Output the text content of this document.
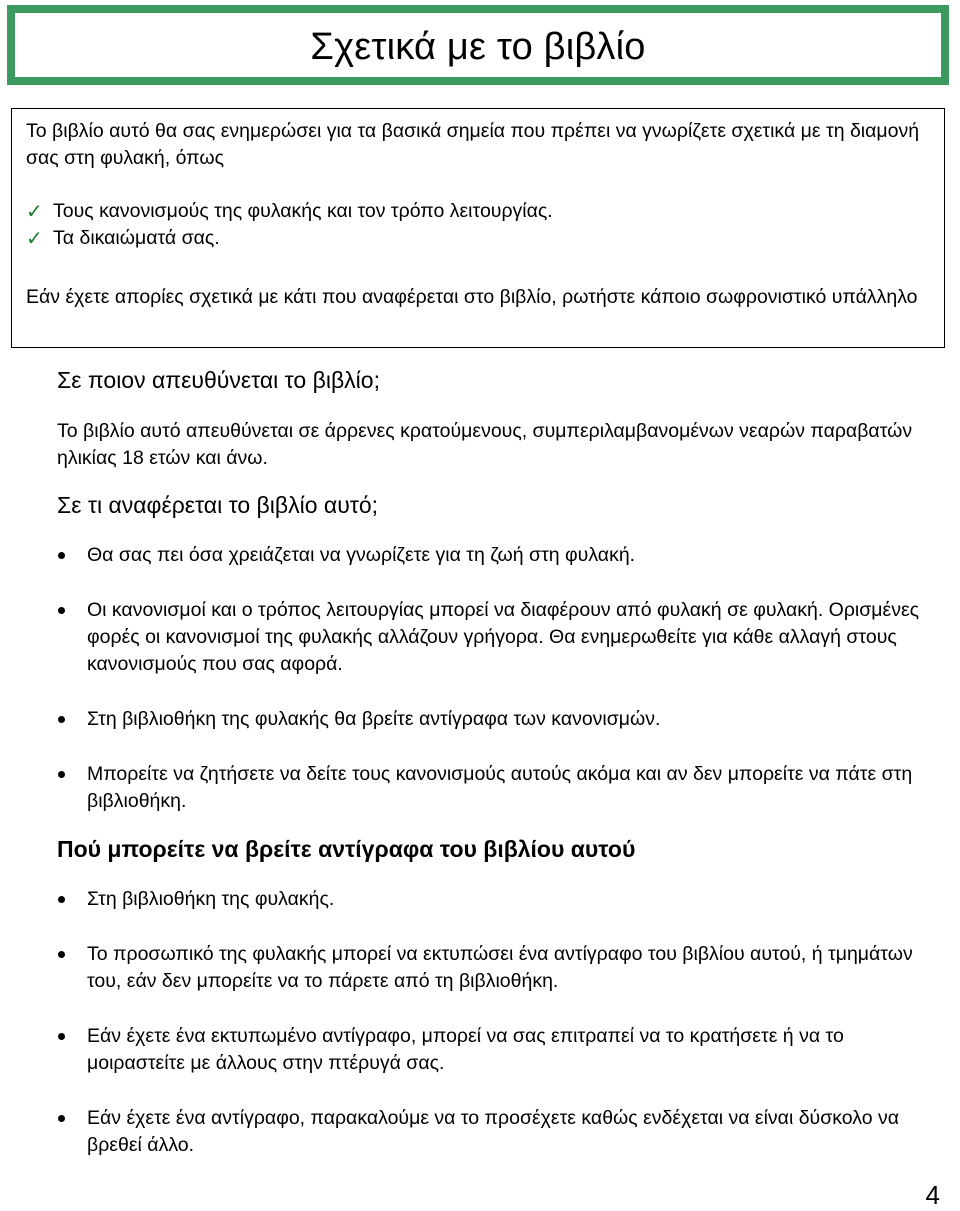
Σχετικά με το βιβλίο
Το βιβλίο αυτό θα σας ενημερώσει για τα βασικά σημεία που πρέπει να γνωρίζετε σχετικά με τη διαμονή σας στη φυλακή, όπως
✓ Τους κανονισμούς της φυλακής και τον τρόπο λειτουργίας.
✓ Τα δικαιώματά σας.
Εάν έχετε απορίες σχετικά με κάτι που αναφέρεται στο βιβλίο, ρωτήστε κάποιο σωφρονιστικό υπάλληλο
Σε ποιον απευθύνεται το βιβλίο;

Το βιβλίο αυτό απευθύνεται σε άρρενες κρατούμενους, συμπεριλαμβανομένων νεαρών παραβατών ηλικίας 18 ετών και άνω.

Σε τι αναφέρεται το βιβλίο αυτό;
Θα σας πει όσα χρειάζεται να γνωρίζετε για τη ζωή στη φυλακή.
Οι κανονισμοί και ο τρόπος λειτουργίας μπορεί να διαφέρουν από φυλακή σε φυλακή. Ορισμένες φορές οι κανονισμοί της φυλακής αλλάζουν γρήγορα. Θα ενημερωθείτε για κάθε αλλαγή στους κανονισμούς που σας αφορά.
Στη βιβλιοθήκη της φυλακής θα βρείτε αντίγραφα των κανονισμών.
Μπορείτε να ζητήσετε να δείτε τους κανονισμούς αυτούς ακόμα και αν δεν μπορείτε να πάτε στη βιβλιοθήκη.
Πού μπορείτε να βρείτε αντίγραφα του βιβλίου αυτού
Στη βιβλιοθήκη της φυλακής.
Το προσωπικό της φυλακής μπορεί να εκτυπώσει ένα αντίγραφο του βιβλίου αυτού, ή τμημάτων του, εάν δεν μπορείτε να το πάρετε από τη βιβλιοθήκη.
Εάν έχετε ένα εκτυπωμένο αντίγραφο, μπορεί να σας επιτραπεί να το κρατήσετε ή να το μοιραστείτε με άλλους στην πτέρυγά σας.
Εάν έχετε ένα αντίγραφο, παρακαλούμε να το προσέχετε καθώς ενδέχεται να είναι δύσκολο να βρεθεί άλλο.
4
